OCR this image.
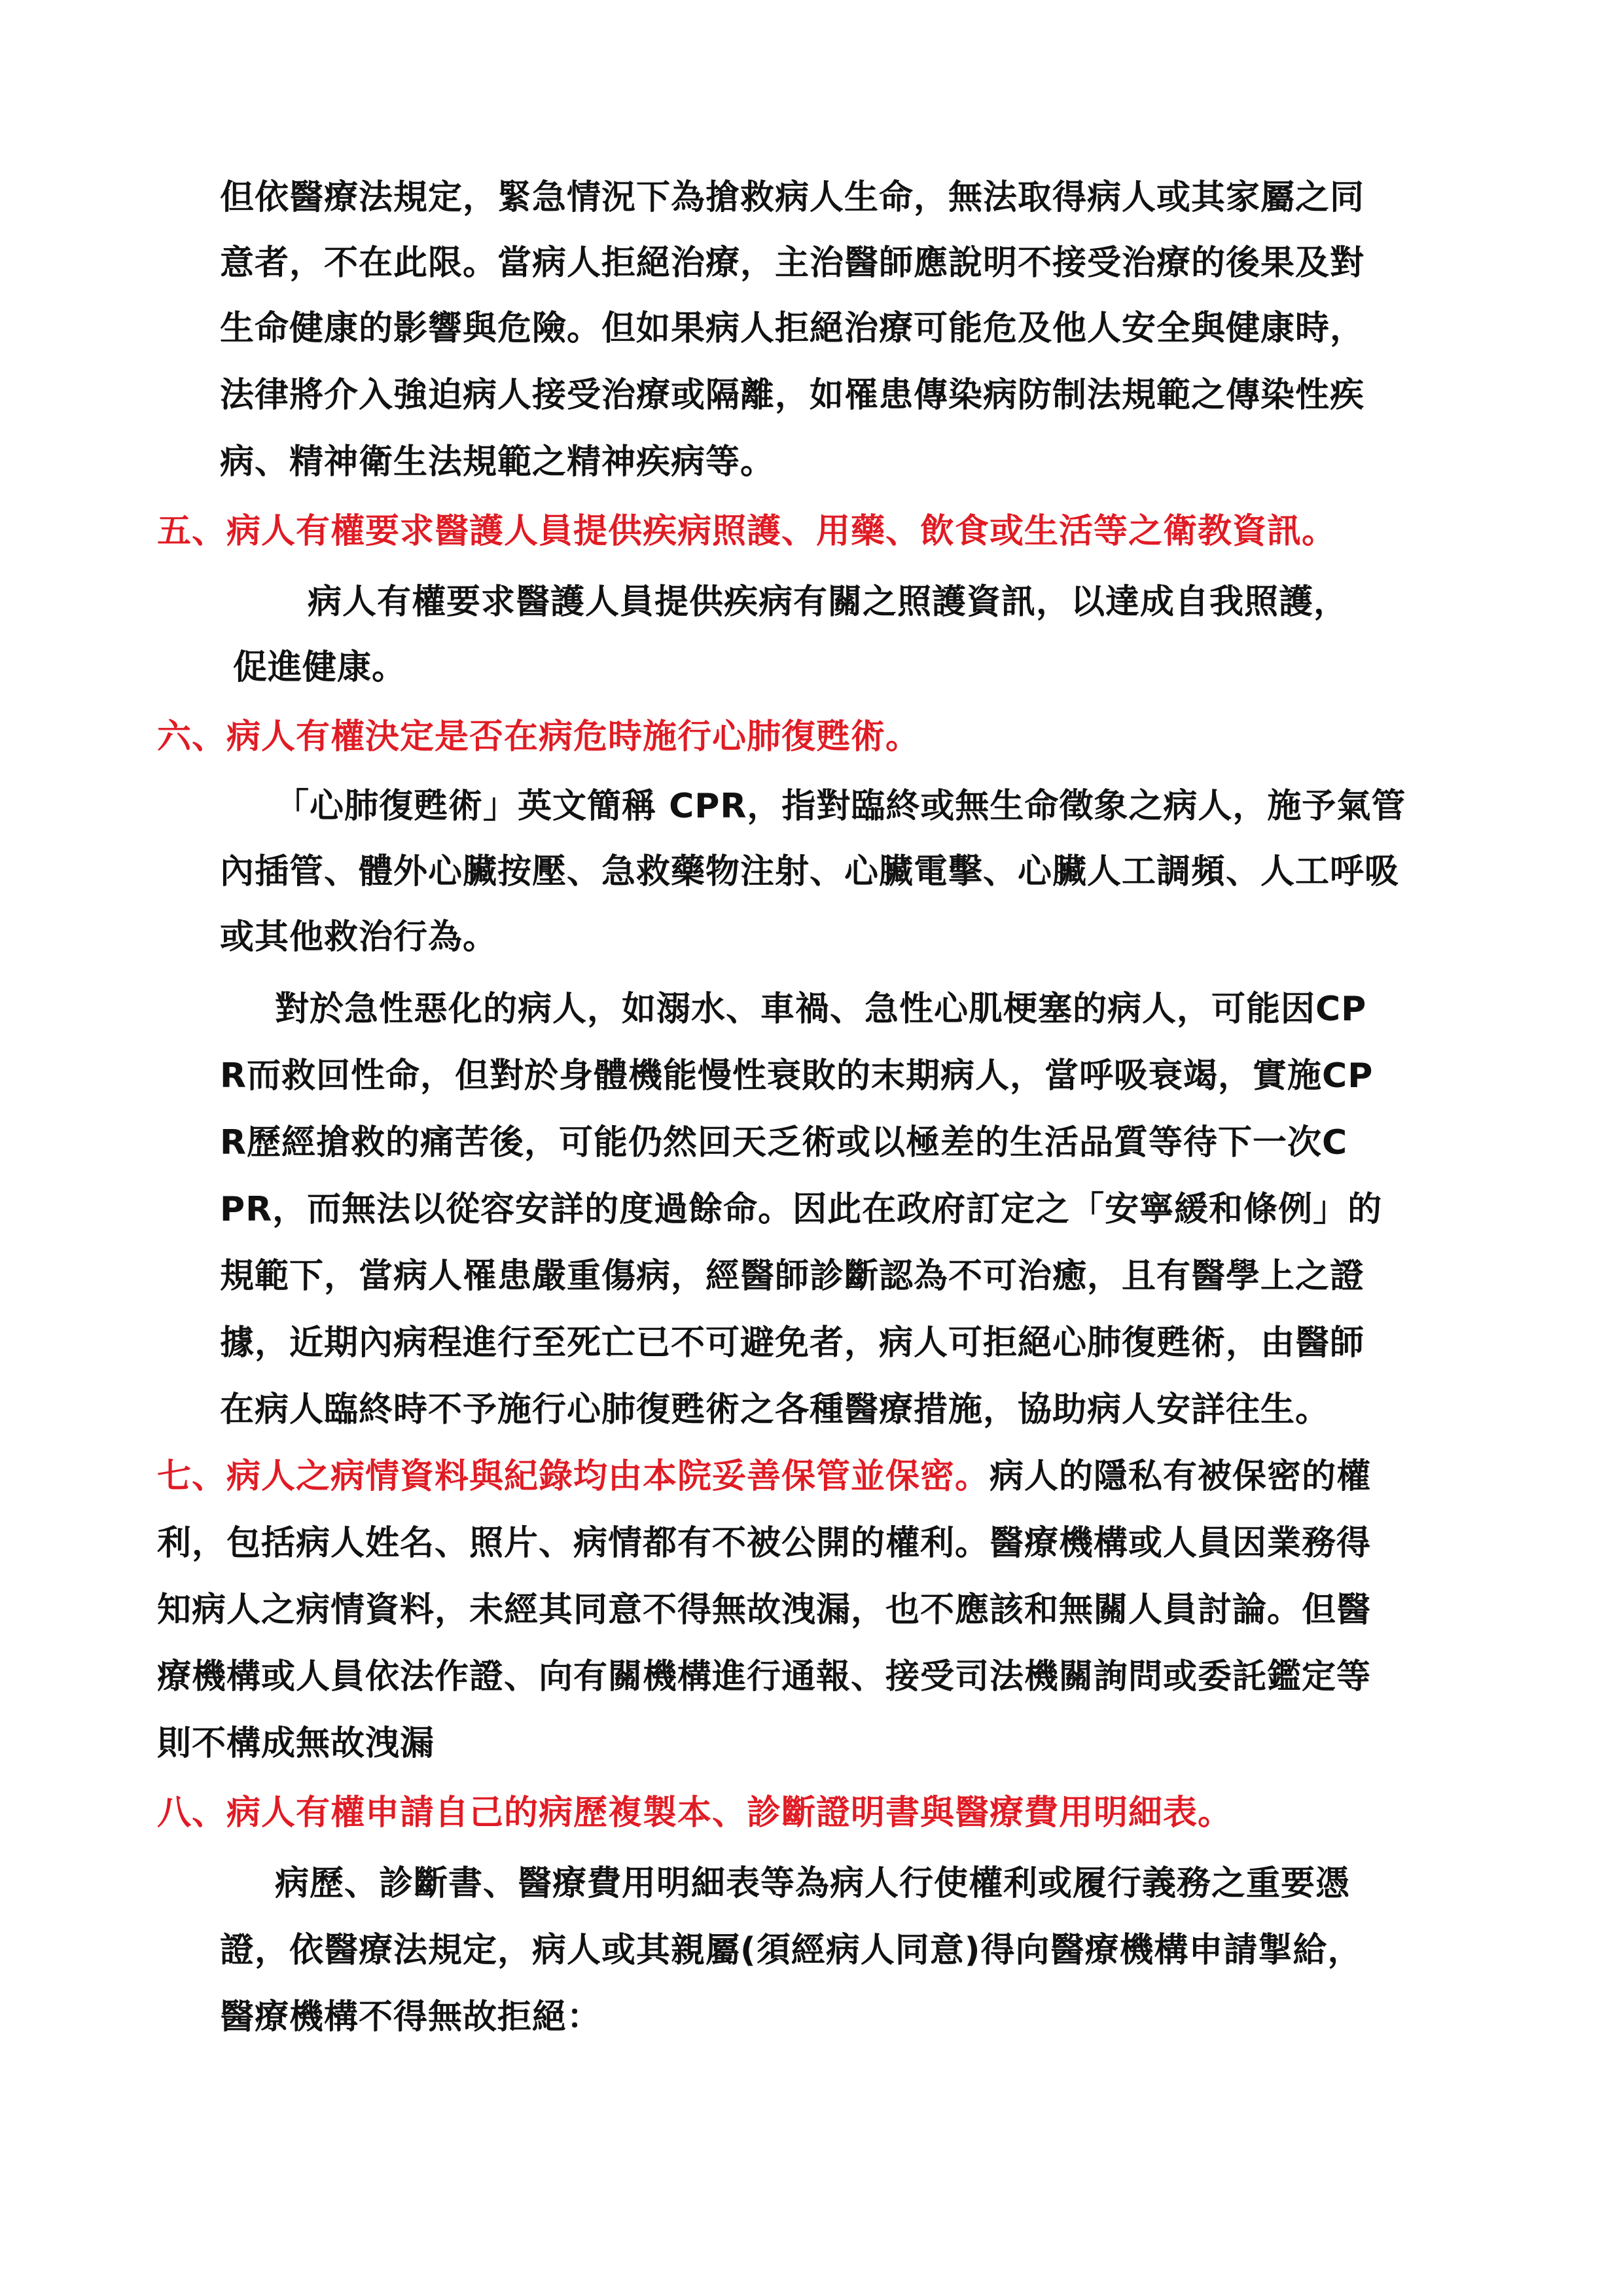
但依醫療法規定，緊急情況下為搶救病人生命，無法取得病人或其家屬之同
意者，不在此限。當病人拒絕治療，主治醫師應說明不接受治療的後果及對
生命健康的影響與危險。但如果病人拒絕治療可能危及他人安全與健康時，
法律將介入強迫病人接受治療或隔離，如罹患傳染病防制法規範之傳染性疾
病、精神衛生法規範之精神疾病等。
五、病人有權要求醫護人員提供疾病照護、用藥、飲食或生活等之衛教資訊。
病人有權要求醫護人員提供疾病有關之照護資訊，以達成自我照護，
促進健康。
六、病人有權決定是否在病危時施行心肺復甦術。
「心肺復甦術」英文簡稱 CPR，指對臨終或無生命徵象之病人，施予氣管
內插管、體外心臟按壓、急救藥物注射、心臟電擊、心臟人工調頻、人工呼吸
或其他救治行為。
對於急性惡化的病人，如溺水、車禍、急性心肌梗塞的病人，可能因CP
R而救回性命，但對於身體機能慢性衰敗的末期病人，當呼吸衰竭，實施CP
R歷經搶救的痛苦後，可能仍然回天乏術或以極差的生活品質等待下一次C
PR，而無法以從容安詳的度過餘命。因此在政府訂定之「安寧緩和條例」的
規範下，當病人罹患嚴重傷病，經醫師診斷認為不可治癒，且有醫學上之證
據，近期內病程進行至死亡已不可避免者，病人可拒絕心肺復甦術，由醫師
在病人臨終時不予施行心肺復甦術之各種醫療措施，協助病人安詳往生。
七、病人之病情資料與紀錄均由本院妥善保管並保密。病人的隱私有被保密的權
利，包括病人姓名、照片、病情都有不被公開的權利。醫療機構或人員因業務得
知病人之病情資料，未經其同意不得無故洩漏，也不應該和無關人員討論。但醫
療機構或人員依法作證、向有關機構進行通報、接受司法機關詢問或委託鑑定等
則不構成無故洩漏
八、病人有權申請自己的病歷複製本、診斷證明書與醫療費用明細表。
病歷、診斷書、醫療費用明細表等為病人行使權利或履行義務之重要憑
證，依醫療法規定，病人或其親屬(須經病人同意)得向醫療機構申請掣給，
醫療機構不得無故拒絕：
